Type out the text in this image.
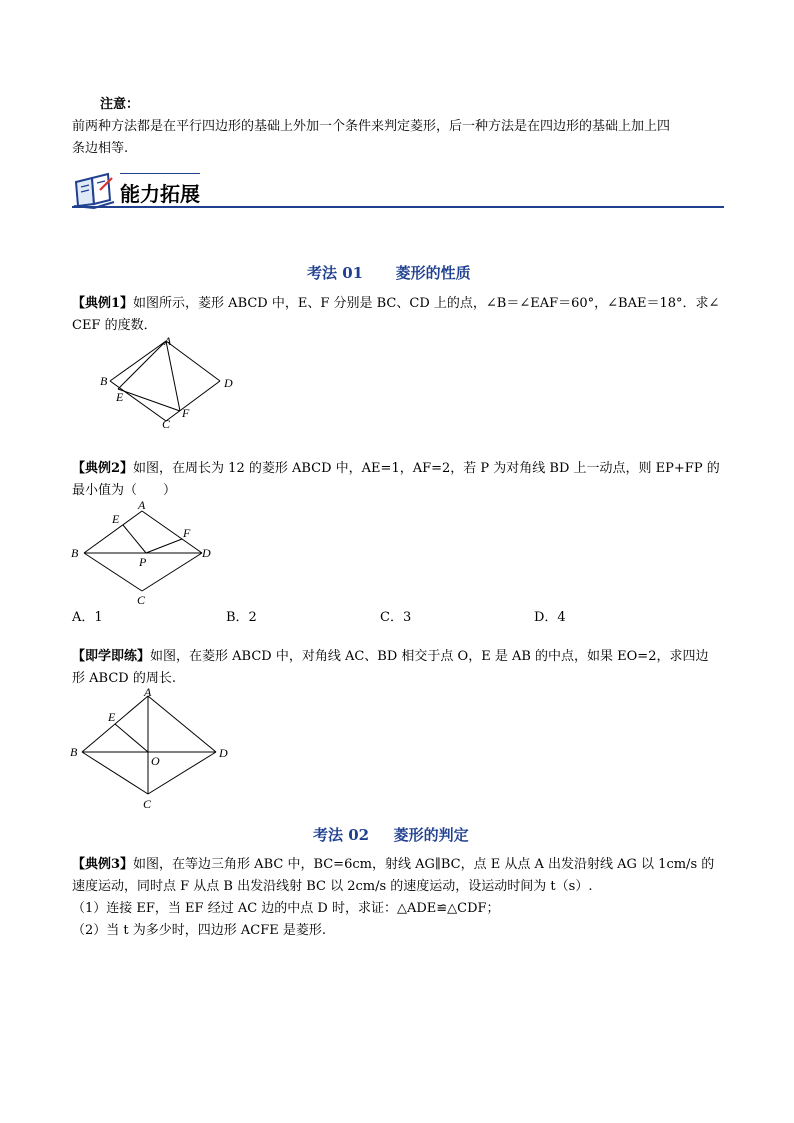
注意：
前两种方法都是在平行四边形的基础上外加一个条件来判定菱形，后一种方法是在四边形的基础上加上四
条边相等.
能力拓展
考法 01 菱形的性质
【典例1】如图所示，菱形 ABCD 中，E、F 分别是 BC、CD 上的点，∠B＝∠EAF＝60°，∠BAE＝18°．求∠
CEF 的度数．
A
B
C
D
E
F
【典例2】如图，在周长为 12 的菱形 ABCD 中，AE=1，AF=2，若 P 为对角线 BD 上一动点，则 EP+FP 的
最小值为（　　）
A
B
C
D
E
F
P
A．1	B．2	C．3	D．4
【即学即练】如图，在菱形 ABCD 中，对角线 AC、BD 相交于点 O，E 是 AB 的中点，如果 EO=2，求四边
形 ABCD 的周长.
A
B
C
D
E
O
考法 02 菱形的判定
【典例3】如图，在等边三角形 ABC 中，BC=6cm，射线 AG∥BC，点 E 从点 A 出发沿射线 AG 以 1cm/s 的
速度运动，同时点 F 从点 B 出发沿线射 BC 以 2cm/s 的速度运动，设运动时间为 t（s）.
（1）连接 EF，当 EF 经过 AC 边的中点 D 时，求证：△ADE≌△CDF；
（2）当 t 为多少时，四边形 ACFE 是菱形.
